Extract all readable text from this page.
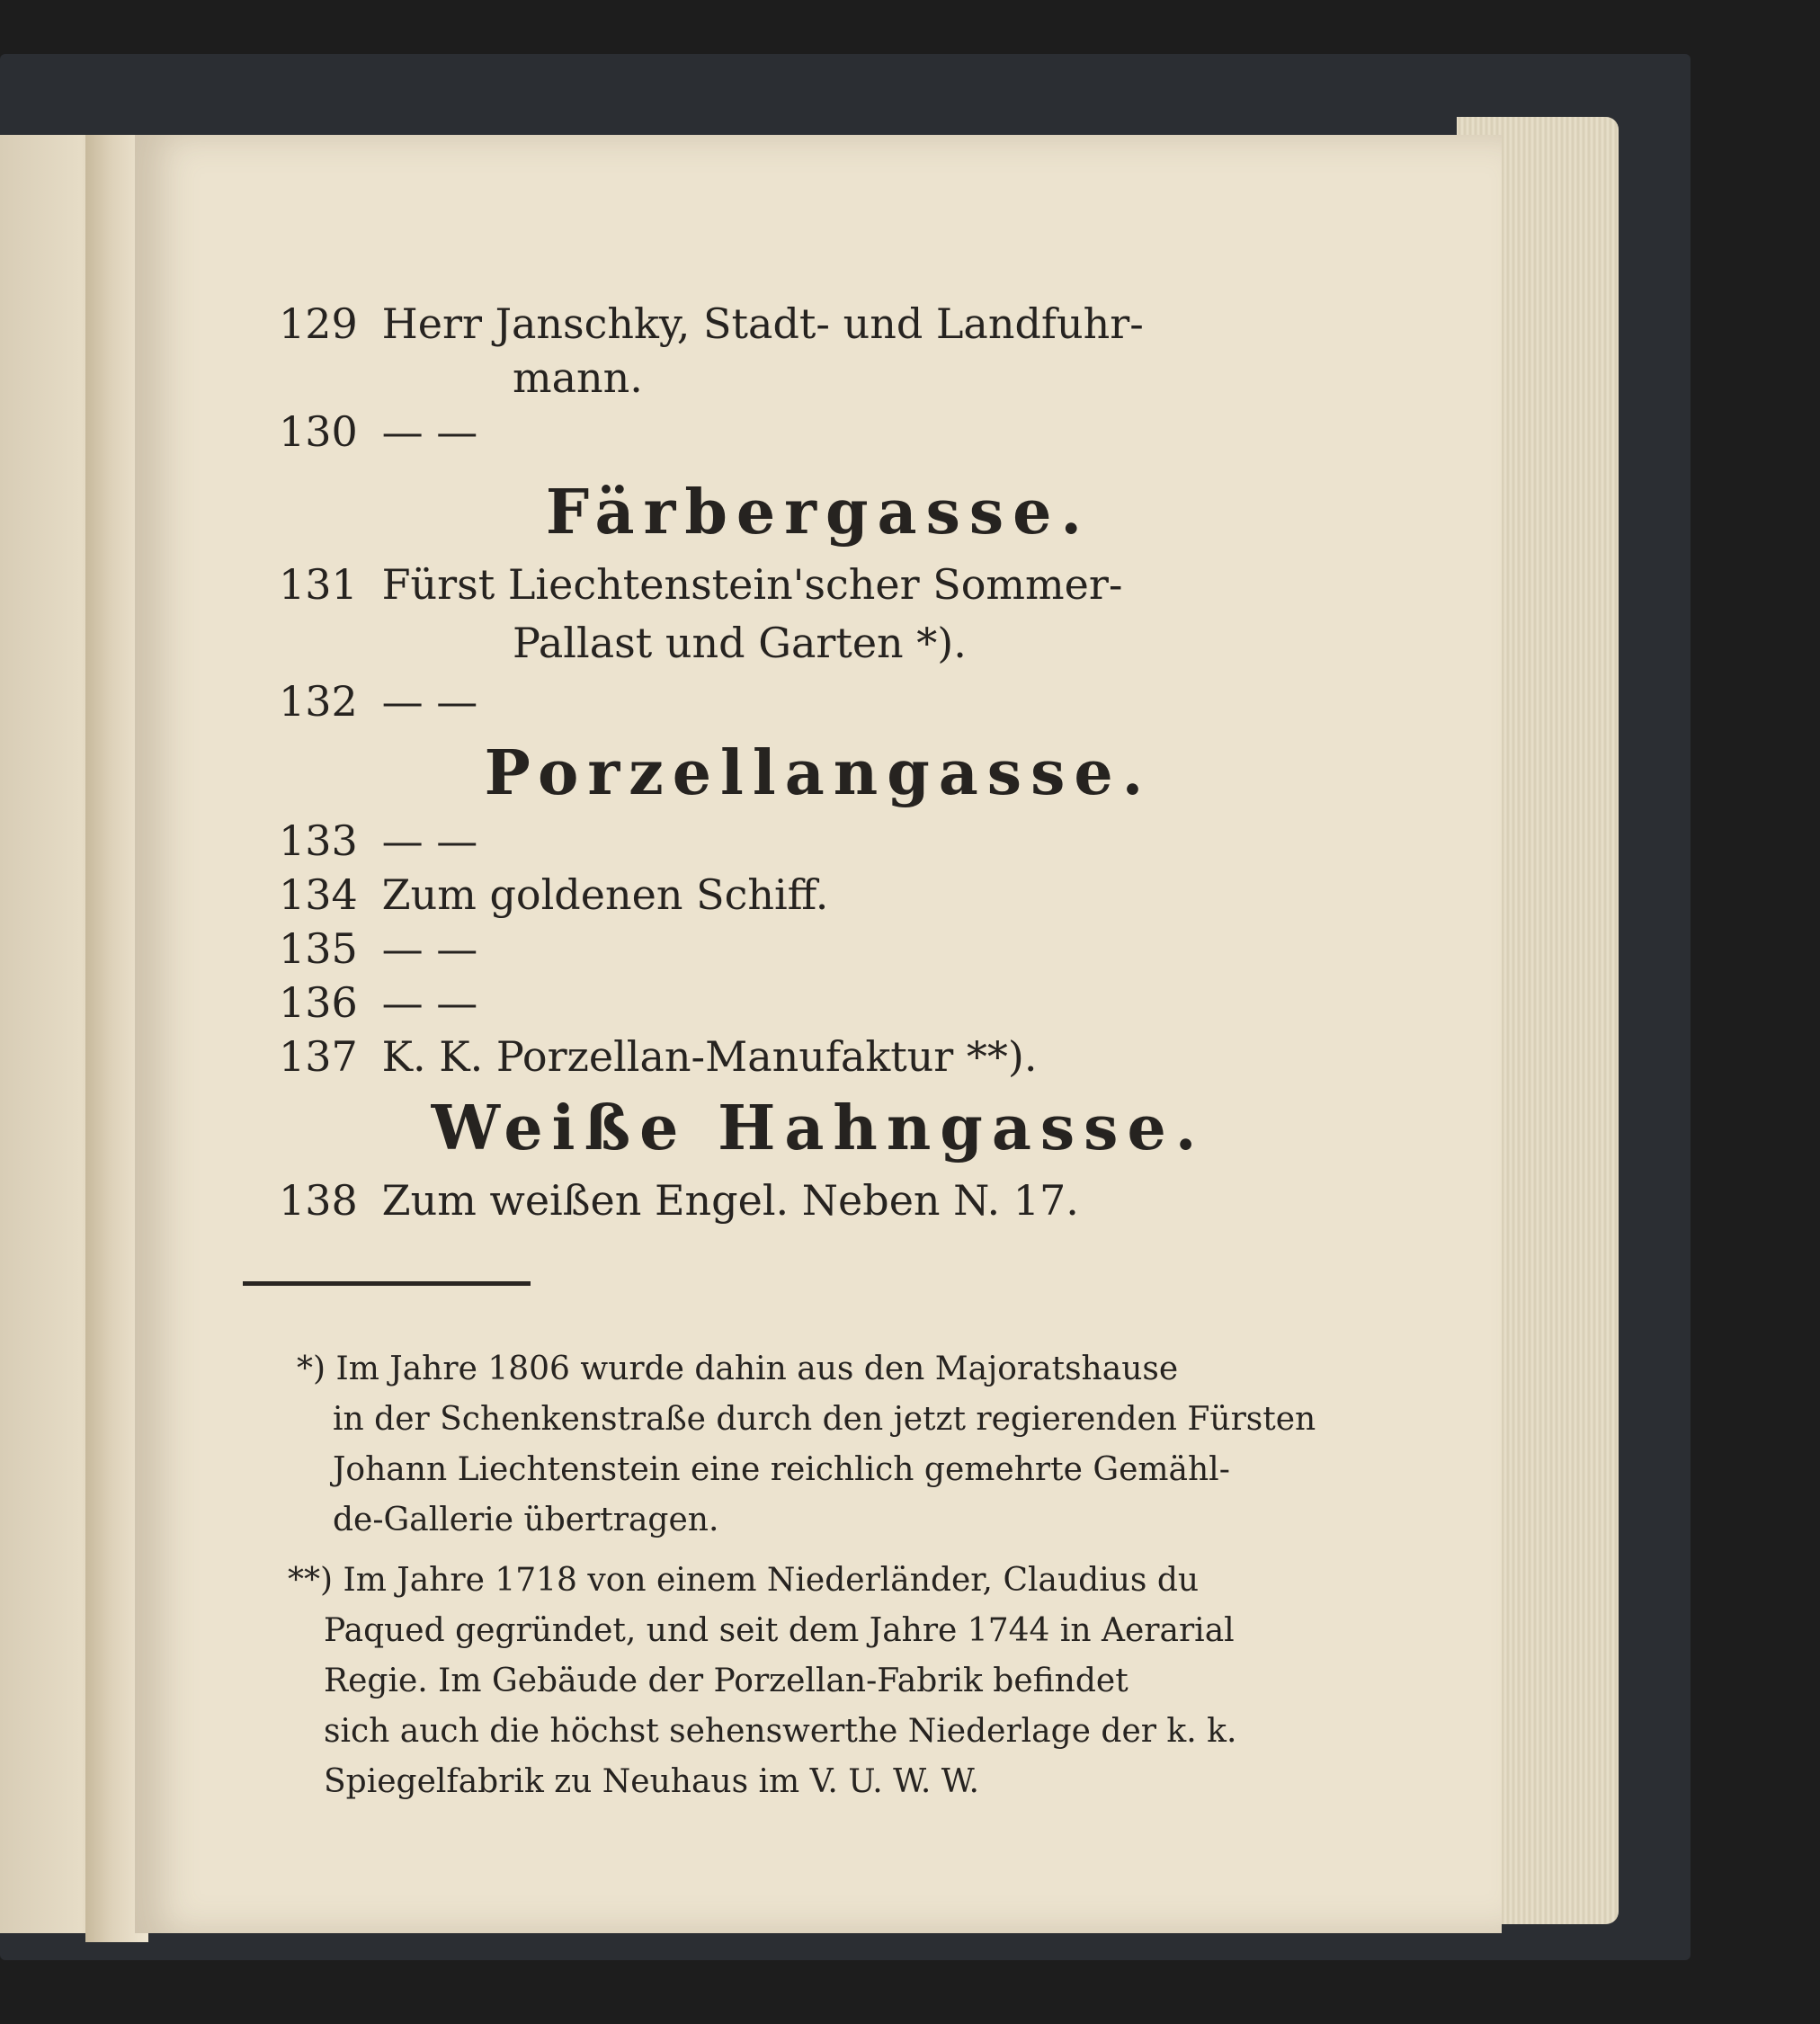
129 Herr Janschky, Stadt- und Landfuhr-
mann.
130 — —
Färbergasse.
131 Fürst Liechtenstein'scher Sommer-
Pallast und Garten *).
132 — —
Porzellangasse.
133 — —
134 Zum goldenen Schiff.
135 — —
136 — —
137 K. K. Porzellan-Manufaktur **).
Weiße Hahngasse.
138 Zum weißen Engel. Neben N. 17.
*) Im Jahre 1806 wurde dahin aus den Majoratshause
in der Schenkenstraße durch den jetzt regierenden Fürsten
Johann Liechtenstein eine reichlich gemehrte Gemähl-
de-Gallerie übertragen.
**) Im Jahre 1718 von einem Niederländer, Claudius du
Paqued gegründet, und seit dem Jahre 1744 in Aerarial
Regie. Im Gebäude der Porzellan-Fabrik befindet
sich auch die höchst sehenswerthe Niederlage der k. k.
Spiegelfabrik zu Neuhaus im V. U. W. W.
